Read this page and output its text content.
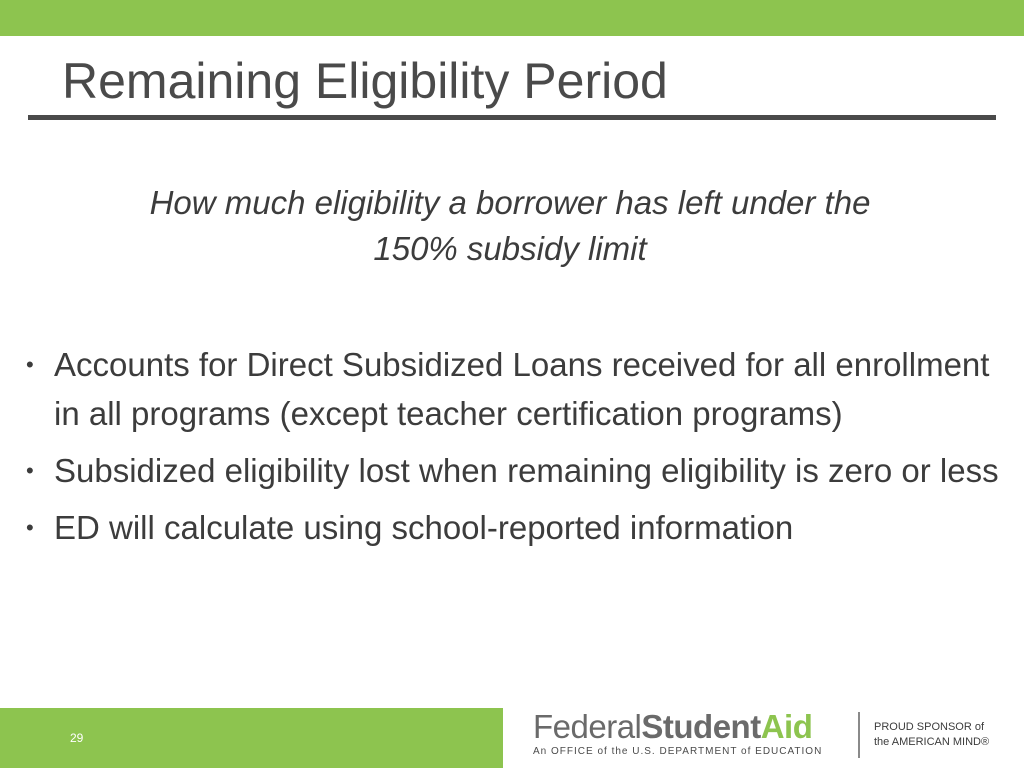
Remaining Eligibility Period
How much eligibility a borrower has left under the
150% subsidy limit
• Accounts for Direct Subsidized Loans received for all enrollment in all programs (except teacher certification programs)
• Subsidized eligibility lost when remaining eligibility is zero or less
• ED will calculate using school-reported information
29	FederalStudentAid
An OFFICE of the U.S. DEPARTMENT of EDUCATION
PROUD SPONSOR of
the AMERICAN MIND®
